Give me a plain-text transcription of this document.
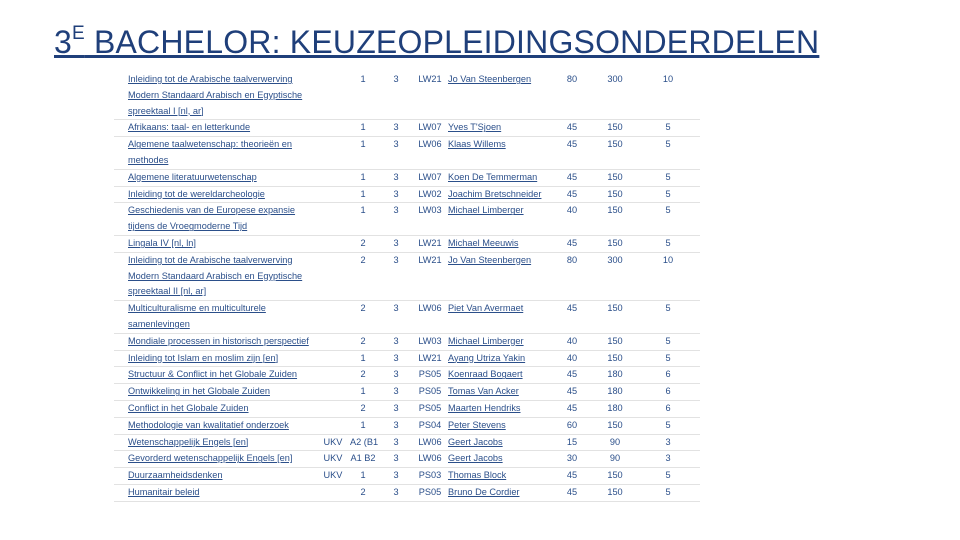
$3^E$ BACHELOR: KEUZEOPLEIDINGSONDERDELEN
	Inleiding tot de Arabische taalverwerving Modern Standaard Arabisch en Egyptische spreektaal I [nl, ar]		1	3	LW21	Jo Van Steenbergen	80	300	10
	Afrikaans: taal- en letterkunde		1	3	LW07	Yves T'Sjoen	45	150	5
	Algemene taalwetenschap: theorieën en methodes		1	3	LW06	Klaas Willems	45	150	5
	Algemene literatuurwetenschap		1	3	LW07	Koen De Temmerman	45	150	5
	Inleiding tot de wereldarcheologie		1	3	LW02	Joachim Bretschneider	45	150	5
	Geschiedenis van de Europese expansie tijdens de Vroegmoderne Tijd		1	3	LW03	Michael Limberger	40	150	5
	Lingala IV [nl, ln]		2	3	LW21	Michael Meeuwis	45	150	5
	Inleiding tot de Arabische taalverwerving Modern Standaard Arabisch en Egyptische spreektaal II [nl, ar]		2	3	LW21	Jo Van Steenbergen	80	300	10
	Multiculturalisme en multiculturele samenlevingen		2	3	LW06	Piet Van Avermaet	45	150	5
	Mondiale processen in historisch perspectief		2	3	LW03	Michael Limberger	40	150	5
	Inleiding tot Islam en moslim zijn [en]		1	3	LW21	Ayang Utriza Yakin	40	150	5
	Structuur & Conflict in het Globale Zuiden		2	3	PS05	Koenraad Bogaert	45	180	6
	Ontwikkeling in het Globale Zuiden		1	3	PS05	Tomas Van Acker	45	180	6
	Conflict in het Globale Zuiden		2	3	PS05	Maarten Hendriks	45	180	6
	Methodologie van kwalitatief onderzoek		1	3	PS04	Peter Stevens	60	150	5
	Wetenschappelijk Engels [en]	UKV	A2 (B1	3	LW06	Geert Jacobs	15	90	3
	Gevorderd wetenschappelijk Engels [en]	UKV	A1 B2	3	LW06	Geert Jacobs	30	90	3
	Duurzaamheidsdenken	UKV	1	3	PS03	Thomas Block	45	150	5
	Humanitair beleid		2	3	PS05	Bruno De Cordier	45	150	5
